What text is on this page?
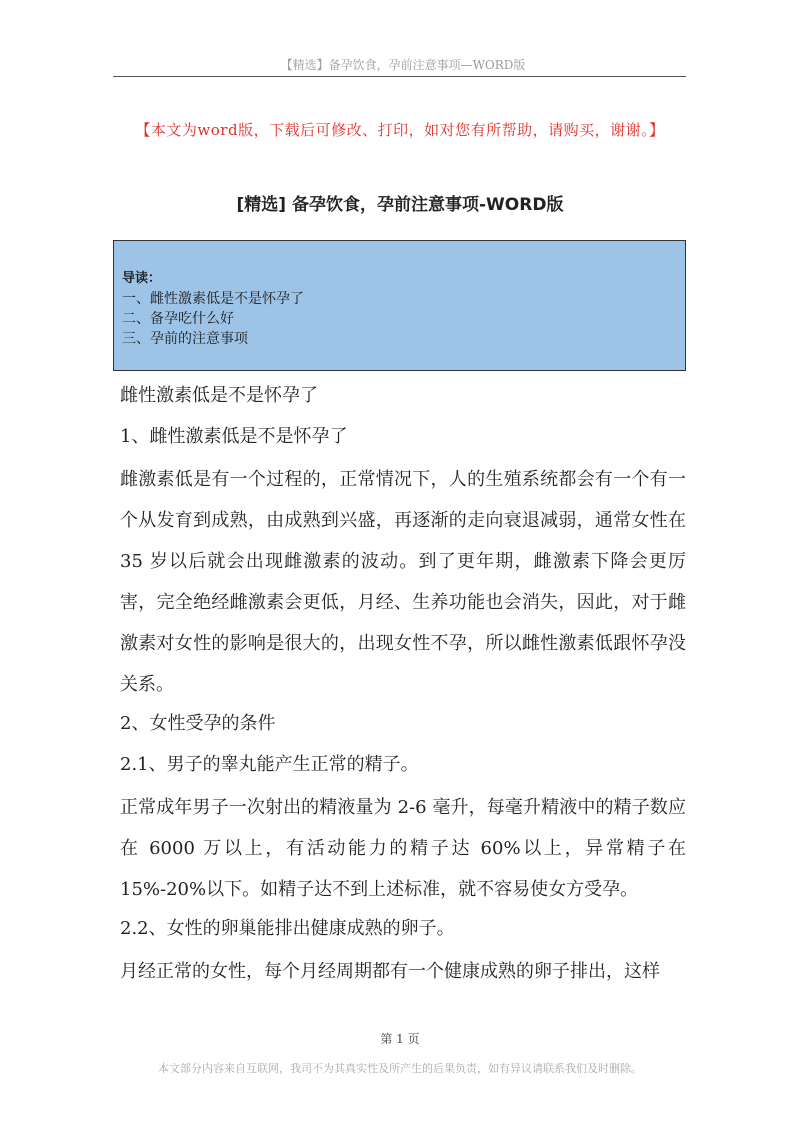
【精选】备孕饮食，孕前注意事项—WORD版
【本文为word版，下载后可修改、打印，如对您有所帮助，请购买，谢谢。】
[精选] 备孕饮食，孕前注意事项-WORD版
导读：
一、雌性激素低是不是怀孕了
二、备孕吃什么好
三、孕前的注意事项

雌性激素低是不是怀孕了

1、雌性激素低是不是怀孕了

雌激素低是有一个过程的，正常情况下，人的生殖系统都会有一个有一个从发育到成熟，由成熟到兴盛，再逐渐的走向衰退减弱，通常女性在 35 岁以后就会出现雌激素的波动。到了更年期，雌激素下降会更厉害，完全绝经雌激素会更低，月经、生养功能也会消失，因此，对于雌激素对女性的影响是很大的，出现女性不孕，所以雌性激素低跟怀孕没关系。

2、女性受孕的条件

2.1、男子的睾丸能产生正常的精子。

正常成年男子一次射出的精液量为 2-6 毫升，每毫升精液中的精子数应在 6000 万以上，有活动能力的精子达 60%以上，异常精子在15%-20%以下。如精子达不到上述标准，就不容易使女方受孕。

2.2、女性的卵巢能排出健康成熟的卵子。

月经正常的女性，每个月经周期都有一个健康成熟的卵子排出，这样

第 1 页
本文部分内容来自互联网，我司不为其真实性及所产生的后果负责，如有异议请联系我们及时删除。
